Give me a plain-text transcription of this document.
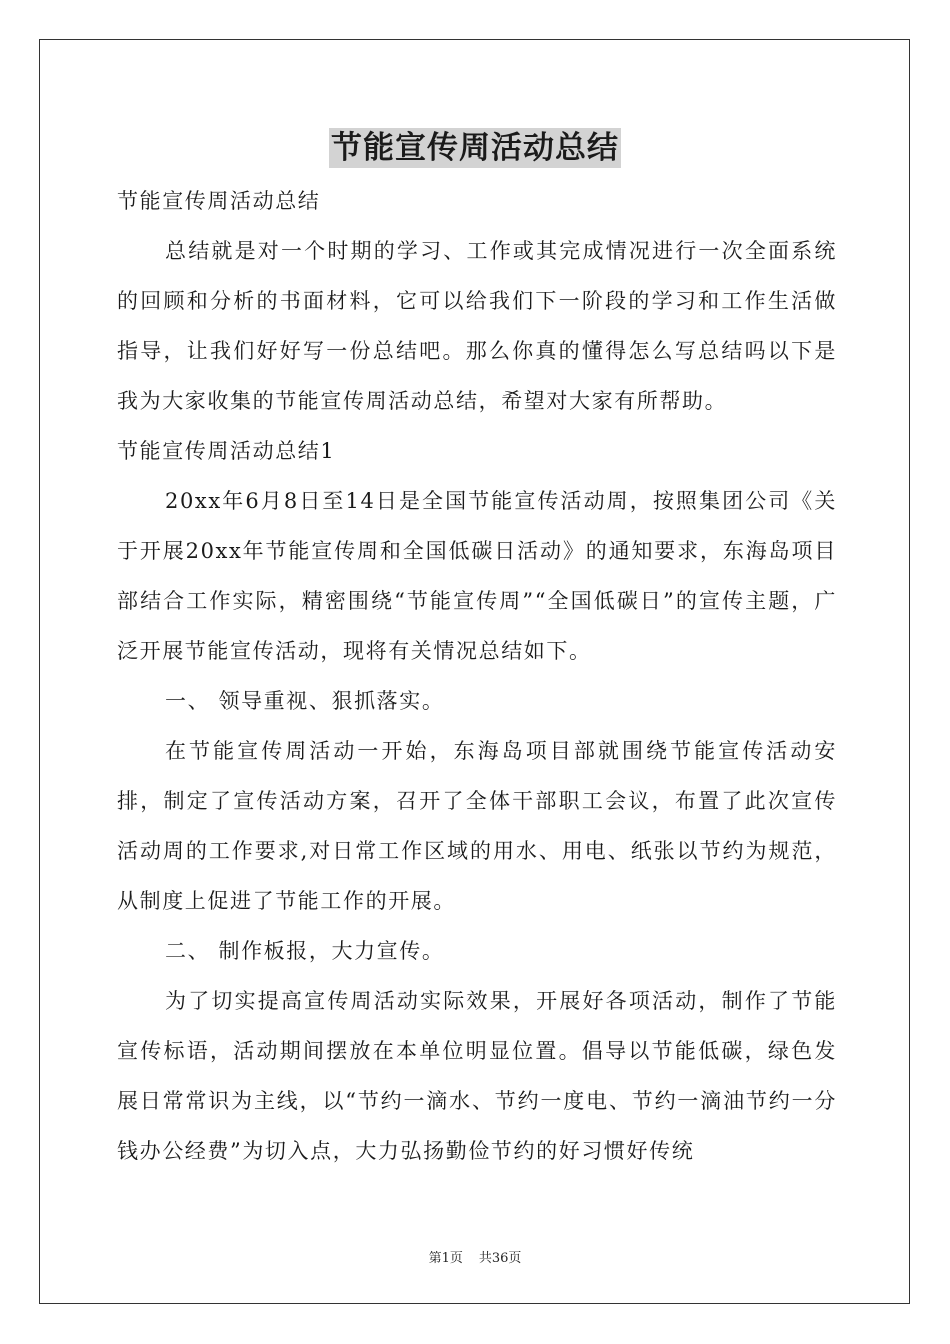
节能宣传周活动总结

节能宣传周活动总结

总结就是对一个时期的学习、工作或其完成情况进行一次全面系统的回顾和分析的书面材料，它可以给我们下一阶段的学习和工作生活做指导，让我们好好写一份总结吧。那么你真的懂得怎么写总结吗以下是我为大家收集的节能宣传周活动总结，希望对大家有所帮助。

节能宣传周活动总结1

20xx年6月8日至14日是全国节能宣传活动周，按照集团公司《关于开展20xx年节能宣传周和全国低碳日活动》的通知要求，东海岛项目部结合工作实际，精密围绕“节能宣传周”“全国低碳日”的宣传主题，广泛开展节能宣传活动，现将有关情况总结如下。

一、 领导重视、狠抓落实。

在节能宣传周活动一开始，东海岛项目部就围绕节能宣传活动安排，制定了宣传活动方案，召开了全体干部职工会议，布置了此次宣传活动周的工作要求,对日常工作区域的用水、用电、纸张以节约为规范，从制度上促进了节能工作的开展。

二、 制作板报，大力宣传。

为了切实提高宣传周活动实际效果，开展好各项活动，制作了节能宣传标语，活动期间摆放在本单位明显位置。倡导以节能低碳，绿色发展日常常识为主线，以“节约一滴水、节约一度电、节约一滴油节约一分钱办公经费”为切入点，大力弘扬勤俭节约的好习惯好传统

第1页 共36页
